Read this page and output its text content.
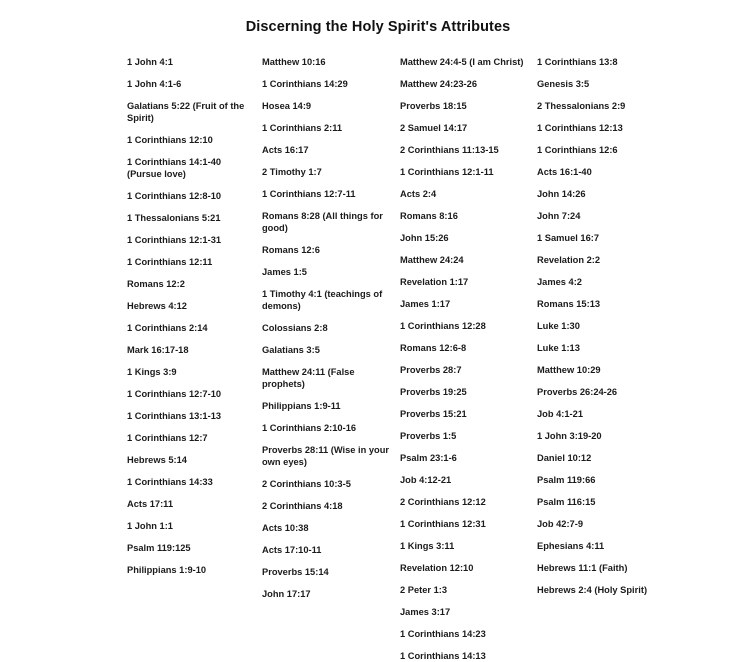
Discerning the Holy Spirit's Attributes

1 John 4:1

1 John 4:1-6

Galatians 5:22 (Fruit of the Spirit)

1 Corinthians 12:10

1 Corinthians 14:1-40 (Pursue love)

1 Corinthians 12:8-10

1 Thessalonians 5:21

1 Corinthians 12:1-31

1 Corinthians 12:11

Romans 12:2

Hebrews 4:12

1 Corinthians 2:14

Mark 16:17-18

1 Kings 3:9

1 Corinthians 12:7-10

1 Corinthians 13:1-13

1 Corinthians 12:7

Hebrews 5:14

1 Corinthians 14:33

Acts 17:11

1 John 1:1

Psalm 119:125

Philippians 1:9-10

Matthew 10:16

1 Corinthians 14:29

Hosea 14:9

1 Corinthians 2:11

Acts 16:17

2 Timothy 1:7

1 Corinthians 12:7-11

Romans 8:28 (All things for good)

Romans 12:6

James 1:5

1 Timothy 4:1 (teachings of demons)

Colossians 2:8

Galatians 3:5

Matthew 24:11 (False prophets)

Philippians 1:9-11

1 Corinthians 2:10-16

Proverbs 28:11 (Wise in your own eyes)

2 Corinthians 10:3-5

2 Corinthians 4:18

Acts 10:38

Acts 17:10-11

Proverbs 15:14

John 17:17

Matthew 24:4-5 (I am Christ)

Matthew 24:23-26

Proverbs 18:15

2 Samuel 14:17

2 Corinthians 11:13-15

1 Corinthians 12:1-11

Acts 2:4

Romans 8:16

John 15:26

Matthew 24:24

Revelation 1:17

James 1:17

1 Corinthians 12:28

Romans 12:6-8

Proverbs 28:7

Proverbs 19:25

Proverbs 15:21

Proverbs 1:5

Psalm 23:1-6

Job 4:12-21

2 Corinthians 12:12

1 Corinthians 12:31

1 Kings 3:11

Revelation 12:10

2 Peter 1:3

James 3:17

1 Corinthians 14:23

1 Corinthians 14:13

1 Corinthians 13:8

Genesis 3:5

2 Thessalonians 2:9

1 Corinthians 12:13

1 Corinthians 12:6

Acts 16:1-40

John 14:26

John 7:24

1 Samuel 16:7

Revelation 2:2

James 4:2

Romans 15:13

Luke 1:30

Luke 1:13

Matthew 10:29

Proverbs 26:24-26

Job 4:1-21

1 John 3:19-20

Daniel 10:12

Psalm 119:66

Psalm 116:15

Job 42:7-9

Ephesians 4:11

Hebrews 11:1 (Faith)

Hebrews 2:4 (Holy Spirit)
